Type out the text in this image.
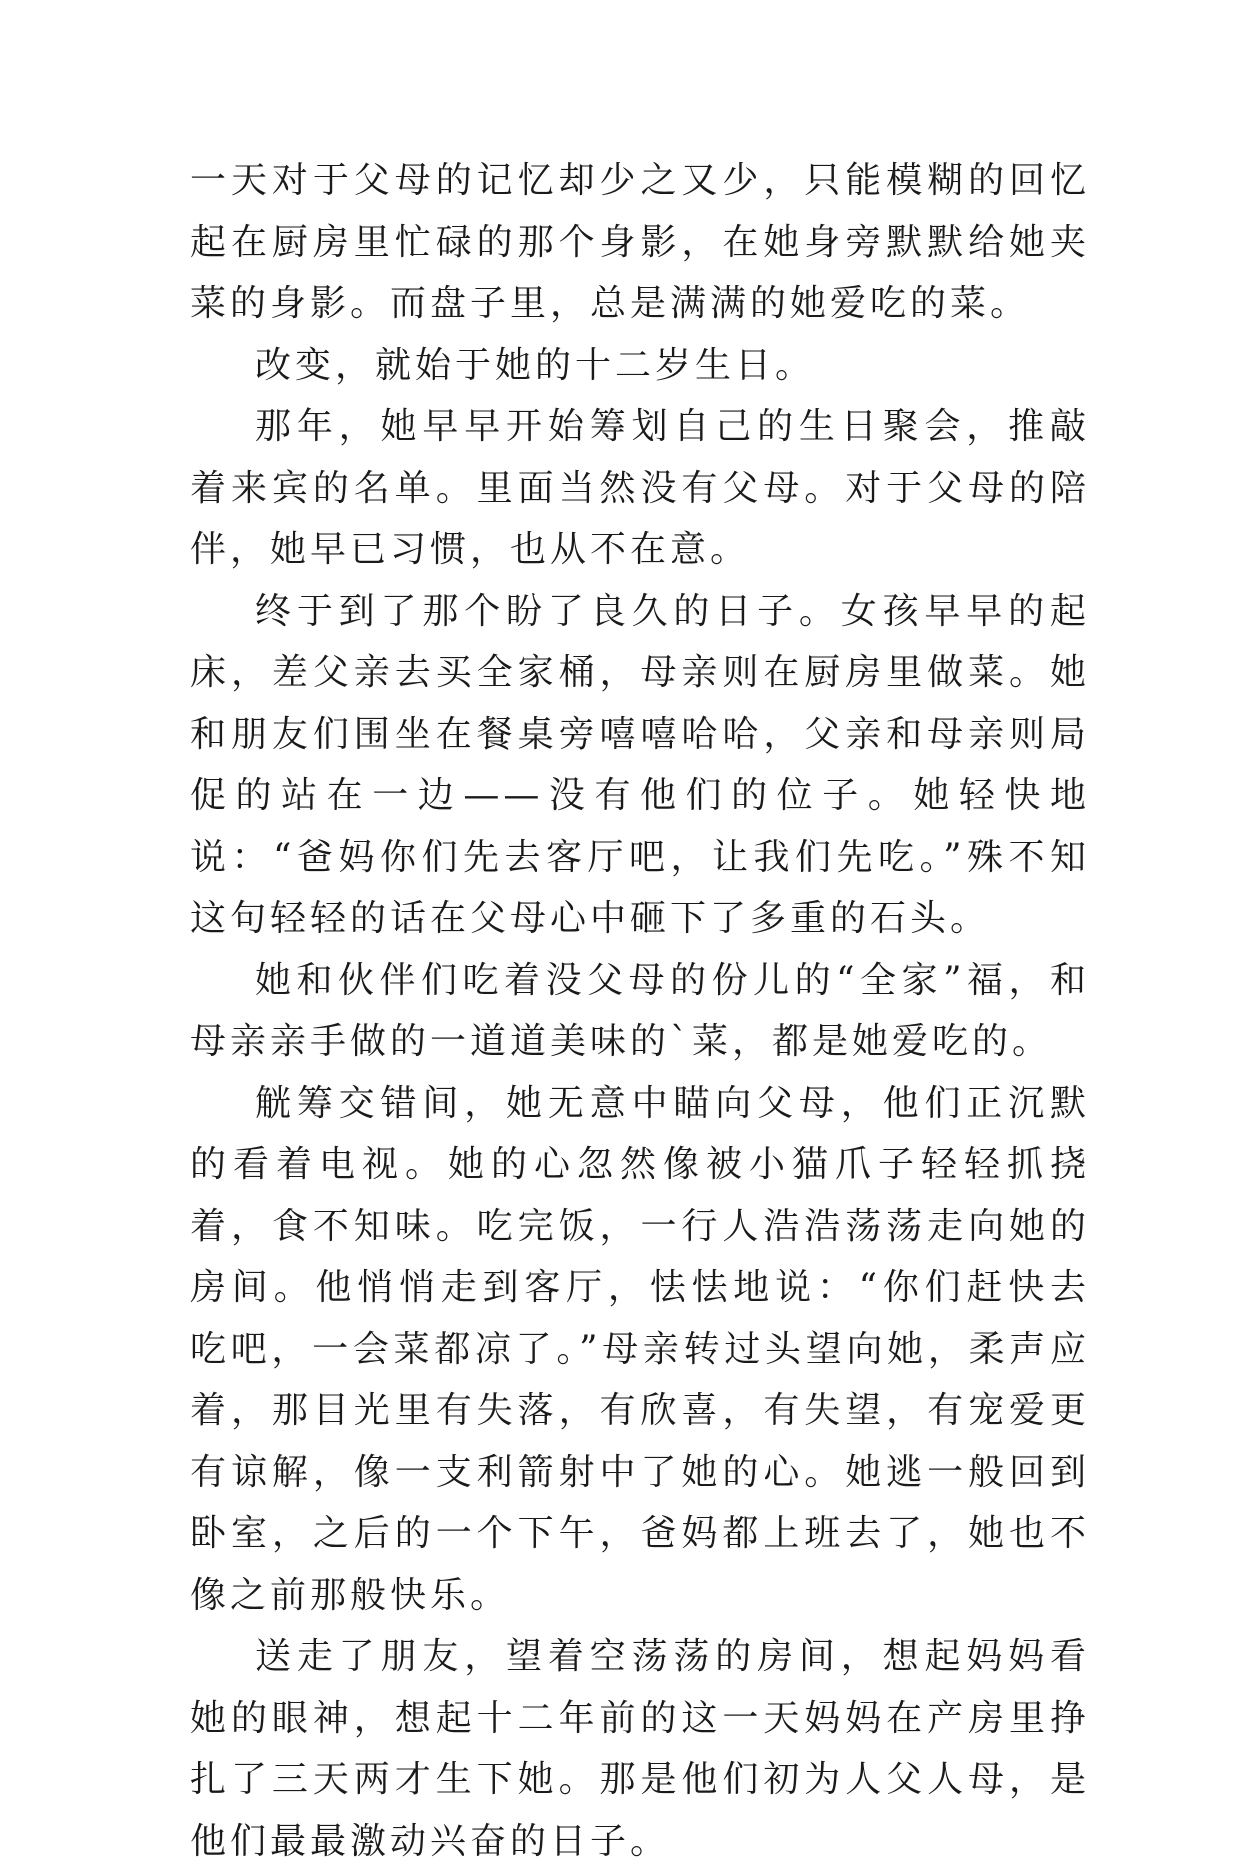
一天对于父母的记忆却少之又少，只能模糊的回忆起在厨房里忙碌的那个身影，在她身旁默默给她夹菜的身影。而盘子里，总是满满的她爱吃的菜。

改变，就始于她的十二岁生日。

那年，她早早开始筹划自己的生日聚会，推敲着来宾的名单。里面当然没有父母。对于父母的陪伴，她早已习惯，也从不在意。

终于到了那个盼了良久的日子。女孩早早的起床，差父亲去买全家桶，母亲则在厨房里做菜。她和朋友们围坐在餐桌旁嘻嘻哈哈，父亲和母亲则局促的站在一边——没有他们的位子。她轻快地说：“爸妈你们先去客厅吧，让我们先吃。”殊不知这句轻轻的话在父母心中砸下了多重的石头。

她和伙伴们吃着没父母的份儿的“全家”福，和母亲亲手做的一道道美味的`菜，都是她爱吃的。

觥筹交错间，她无意中瞄向父母，他们正沉默的看着电视。她的心忽然像被小猫爪子轻轻抓挠着，食不知味。吃完饭，一行人浩浩荡荡走向她的房间。他悄悄走到客厅，怯怯地说：“你们赶快去吃吧，一会菜都凉了。”母亲转过头望向她，柔声应着，那目光里有失落，有欣喜，有失望，有宠爱更有谅解，像一支利箭射中了她的心。她逃一般回到卧室，之后的一个下午，爸妈都上班去了，她也不像之前那般快乐。

送走了朋友，望着空荡荡的房间，想起妈妈看她的眼神，想起十二年前的这一天妈妈在产房里挣扎了三天两才生下她。那是他们初为人父人母，是他们最最激动兴奋的日子。
